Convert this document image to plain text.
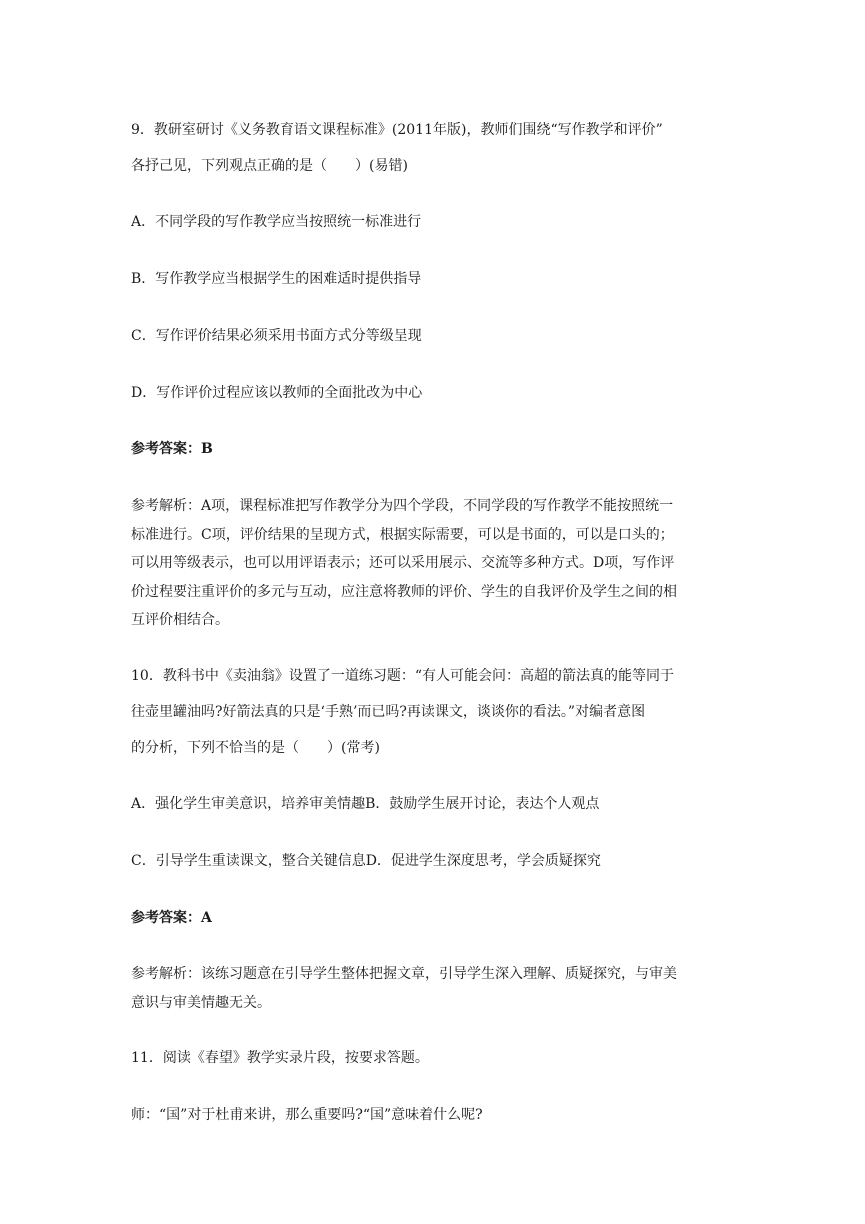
9．教研室研讨《义务教育语文课程标准》(2011年版)，教师们围绕“写作教学和评价”
各抒己见，下列观点正确的是（　　）(易错)
A．不同学段的写作教学应当按照统一标准进行
B．写作教学应当根据学生的困难适时提供指导
C．写作评价结果必须采用书面方式分等级呈现
D．写作评价过程应该以教师的全面批改为中心
参考答案：B
参考解析：A项，课程标准把写作教学分为四个学段，不同学段的写作教学不能按照统一
标准进行。C项，评价结果的呈现方式，根据实际需要，可以是书面的，可以是口头的；
可以用等级表示，也可以用评语表示；还可以采用展示、交流等多种方式。D项，写作评
价过程要注重评价的多元与互动，应注意将教师的评价、学生的自我评价及学生之间的相
互评价相结合。
10．教科书中《卖油翁》设置了一道练习题：“有人可能会问：高超的箭法真的能等同于
往壶里罐油吗?好箭法真的只是‘手熟’而已吗?再读课文，谈谈你的看法。”对编者意图
的分析，下列不恰当的是（　　）(常考)
A．强化学生审美意识，培养审美情趣B．鼓励学生展开讨论，表达个人观点
C．引导学生重读课文，整合关键信息D．促进学生深度思考，学会质疑探究
参考答案：A
参考解析：该练习题意在引导学生整体把握文章，引导学生深入理解、质疑探究，与审美
意识与审美情趣无关。
11．阅读《春望》教学实录片段，按要求答题。
师：“国”对于杜甫来讲，那么重要吗?“国”意味着什么呢?
